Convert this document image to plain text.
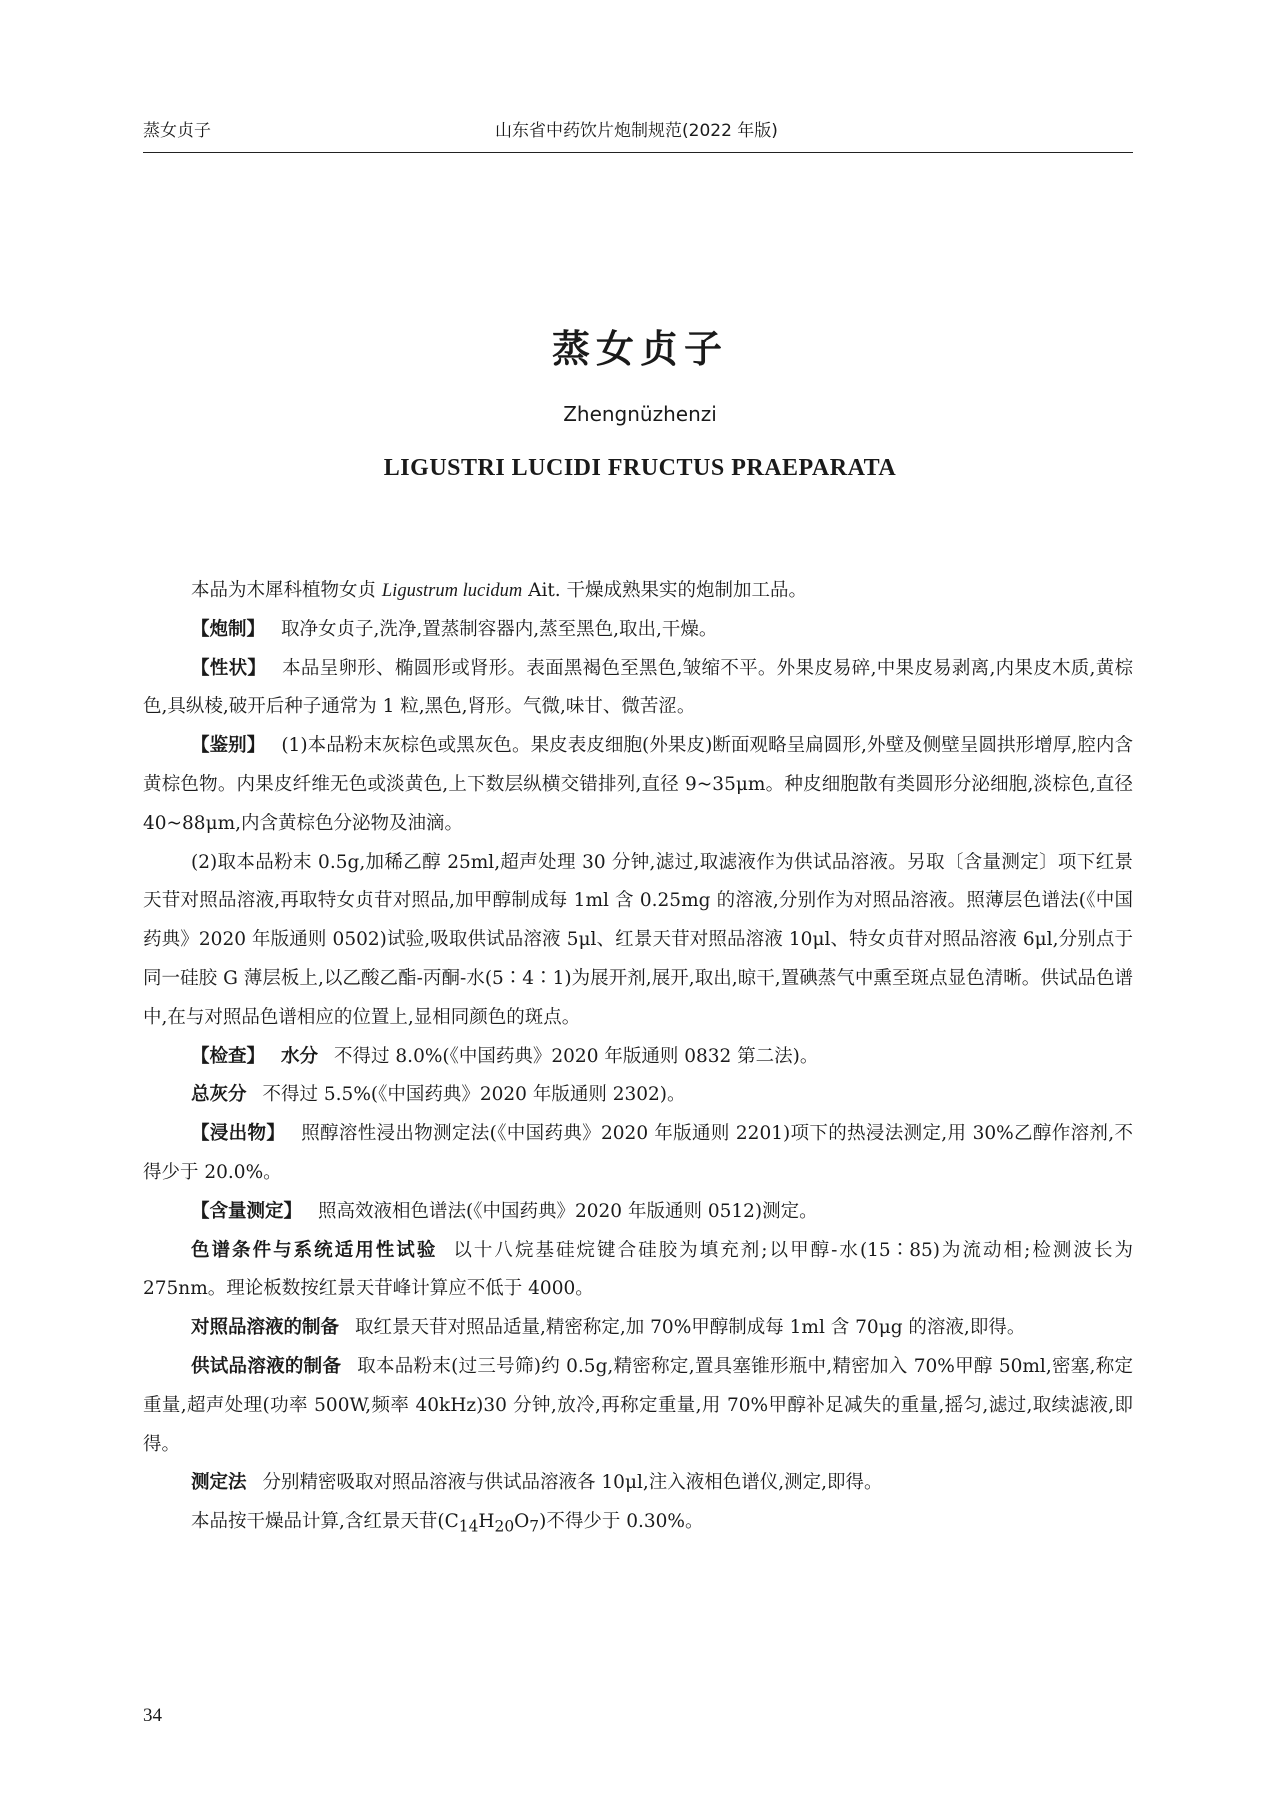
蒸女贞子	山东省中药饮片炮制规范(2022 年版)
蒸女贞子
Zhengnüzhenzi
LIGUSTRI LUCIDI FRUCTUS PRAEPARATA

本品为木犀科植物女贞 Ligustrum lucidum Ait. 干燥成熟果实的炮制加工品。

【炮制】 取净女贞子,洗净,置蒸制容器内,蒸至黑色,取出,干燥。

【性状】 本品呈卵形、椭圆形或肾形。表面黑褐色至黑色,皱缩不平。外果皮易碎,中果皮易剥离,内果皮木质,黄棕色,具纵棱,破开后种子通常为 1 粒,黑色,肾形。气微,味甘、微苦涩。

【鉴别】 (1)本品粉末灰棕色或黑灰色。果皮表皮细胞(外果皮)断面观略呈扁圆形,外壁及侧壁呈圆拱形增厚,腔内含黄棕色物。内果皮纤维无色或淡黄色,上下数层纵横交错排列,直径 9~35μm。种皮细胞散有类圆形分泌细胞,淡棕色,直径 40~88μm,内含黄棕色分泌物及油滴。

(2)取本品粉末 0.5g,加稀乙醇 25ml,超声处理 30 分钟,滤过,取滤液作为供试品溶液。另取〔含量测定〕项下红景天苷对照品溶液,再取特女贞苷对照品,加甲醇制成每 1ml 含 0.25mg 的溶液,分别作为对照品溶液。照薄层色谱法(《中国药典》2020 年版通则 0502)试验,吸取供试品溶液 5μl、红景天苷对照品溶液 10μl、特女贞苷对照品溶液 6μl,分别点于同一硅胶 G 薄层板上,以乙酸乙酯-丙酮-水(5∶4∶1)为展开剂,展开,取出,晾干,置碘蒸气中熏至斑点显色清晰。供试品色谱中,在与对照品色谱相应的位置上,显相同颜色的斑点。

【检查】 水分 不得过 8.0%(《中国药典》2020 年版通则 0832 第二法)。

总灰分 不得过 5.5%(《中国药典》2020 年版通则 2302)。

【浸出物】 照醇溶性浸出物测定法(《中国药典》2020 年版通则 2201)项下的热浸法测定,用 30%乙醇作溶剂,不得少于 20.0%。

【含量测定】 照高效液相色谱法(《中国药典》2020 年版通则 0512)测定。

色谱条件与系统适用性试验 以十八烷基硅烷键合硅胶为填充剂;以甲醇-水(15∶85)为流动相;检测波长为 275nm。理论板数按红景天苷峰计算应不低于 4000。

对照品溶液的制备 取红景天苷对照品适量,精密称定,加 70%甲醇制成每 1ml 含 70μg 的溶液,即得。

供试品溶液的制备 取本品粉末(过三号筛)约 0.5g,精密称定,置具塞锥形瓶中,精密加入 70%甲醇 50ml,密塞,称定重量,超声处理(功率 500W,频率 40kHz)30 分钟,放冷,再称定重量,用 70%甲醇补足减失的重量,摇匀,滤过,取续滤液,即得。

测定法 分别精密吸取对照品溶液与供试品溶液各 10μl,注入液相色谱仪,测定,即得。

本品按干燥品计算,含红景天苷$(C_{14}H_{20}O_7)$不得少于 0.30%。

34
